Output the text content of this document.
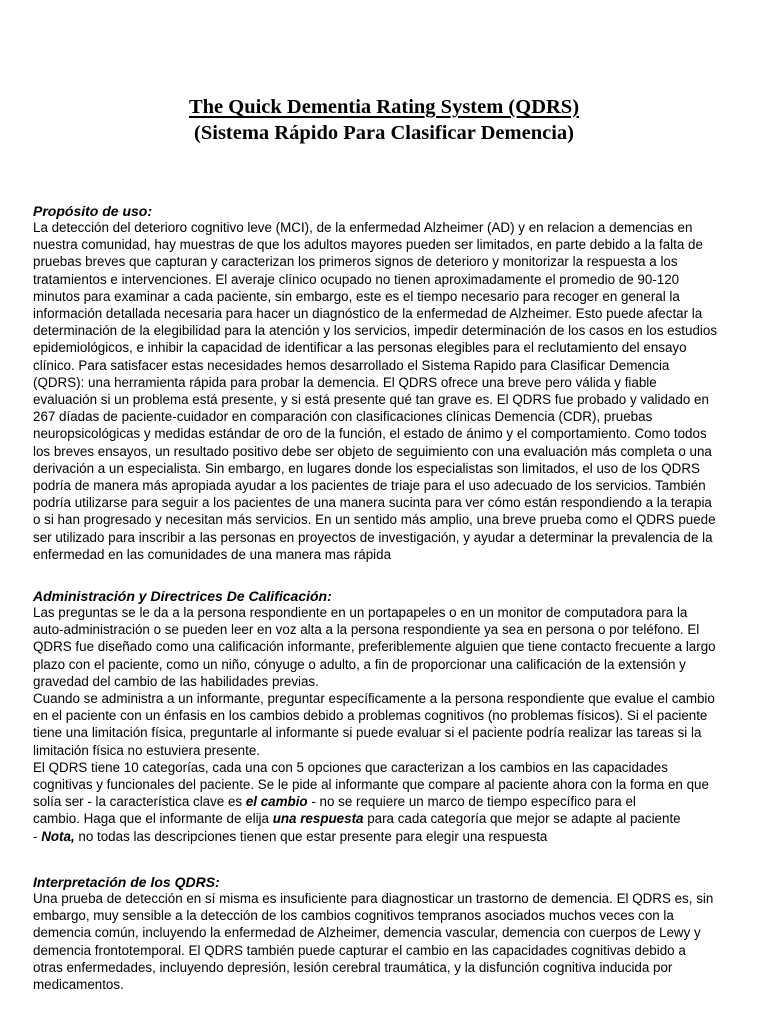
The Quick Dementia Rating System (QDRS)
(Sistema Rápido Para Clasificar Demencia)
Propósito de uso:

La detección del deterioro cognitivo leve (MCI), de la enfermedad Alzheimer (AD) y en relacion a demencias en

nuestra comunidad, hay muestras de que los adultos mayores pueden ser limitados, en parte debido a la falta de

pruebas breves que capturan y caracterizan los primeros signos de deterioro y monitorizar la respuesta a los

tratamientos e intervenciones. El averaje clínico ocupado no tienen aproximadamente el promedio de 90-120

minutos para examinar a cada paciente, sin embargo, este es el tiempo necesario para recoger en general la

información detallada necesaria para hacer un diagnóstico de la enfermedad de Alzheimer. Esto puede afectar la

determinación de la elegibilidad para la atención y los servicios, impedir determinación de los casos en los estudios

epidemiológicos, e inhibir la capacidad de identificar a las personas elegibles para el reclutamiento del ensayo

clínico. Para satisfacer estas necesidades hemos desarrollado el Sistema Rapido para Clasificar Demencia

(QDRS): una herramienta rápida para probar la demencia. El QDRS ofrece una breve pero válida y fiable

evaluación si un problema está presente, y si está presente qué tan grave es. El QDRS fue probado y validado en

267 díadas de paciente-cuidador en comparación con clasificaciones clínicas Demencia (CDR), pruebas

neuropsicológicas y medidas estándar de oro de la función, el estado de ánimo y el comportamiento. Como todos

los breves ensayos, un resultado positivo debe ser objeto de seguimiento con una evaluación más completa o una

derivación a un especialista. Sin embargo, en lugares donde los especialistas son limitados, el uso de los QDRS

podría de manera más apropiada ayudar a los pacientes de triaje para el uso adecuado de los servicios. También

podría utilizarse para seguir a los pacientes de una manera sucinta para ver cómo están respondiendo a la terapia

o si han progresado y necesitan más servicios. En un sentido más amplio, una breve prueba como el QDRS puede

ser utilizado para inscribir a las personas en proyectos de investigación, y ayudar a determinar la prevalencia de la

enfermedad en las comunidades de una manera mas rápida

Administración y Directrices De Calificación:

Las preguntas se le da a la persona respondiente en un portapapeles o en un monitor de computadora para la

auto-administración o se pueden leer en voz alta a la persona respondiente ya sea en persona o por teléfono. El

QDRS fue diseñado como una calificación informante, preferiblemente alguien que tiene contacto frecuente a largo

plazo con el paciente, como un niño, cónyuge o adulto, a fin de proporcionar una calificación de la extensión y

gravedad del cambio de las habilidades previas.

Cuando se administra a un informante, preguntar específicamente a la persona respondiente que evalue el cambio

en el paciente con un énfasis en los cambios debido a problemas cognitivos (no problemas físicos). Si el paciente

tiene una limitación física, preguntarle al informante si puede evaluar si el paciente podría realizar las tareas si la

limitación física no estuviera presente.

El QDRS tiene 10 categorías, cada una con 5 opciones que caracterizan a los cambios en las capacidades

cognitivas y funcionales del paciente. Se le pide al informante que compare al paciente ahora con la forma en que

solía ser - la característica clave es el cambio - no se requiere un marco de tiempo específico para el

cambio. Haga que el informante de elija una respuesta para cada categoría que mejor se adapte al paciente

- Nota, no todas las descripciones tienen que estar presente para elegir una respuesta

Interpretación de los QDRS:

Una prueba de detección en sí misma es insuficiente para diagnosticar un trastorno de demencia. El QDRS es, sin

embargo, muy sensible a la detección de los cambios cognitivos tempranos asociados muchos veces con la

demencia común, incluyendo la enfermedad de Alzheimer, demencia vascular, demencia con cuerpos de Lewy y

demencia frontotemporal. El QDRS también puede capturar el cambio en las capacidades cognitivas debido a

otras enfermedades, incluyendo depresión, lesión cerebral traumática, y la disfunción cognitiva inducida por

medicamentos.
